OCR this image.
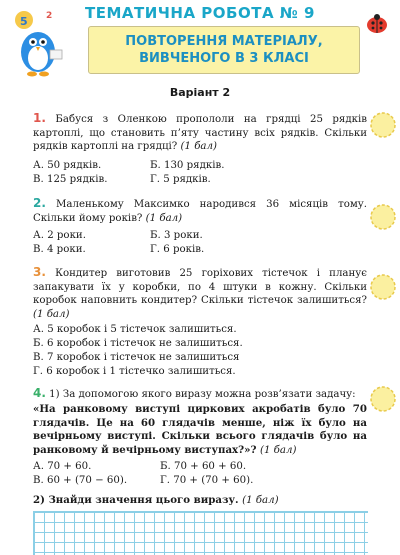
ТЕМАТИЧНА РОБОТА № 9
5 2
ПОВТОРЕННЯ МАТЕРІАЛУ,
ВИВЧЕНОГО В 3 КЛАСІ
Варіант 2
1. Бабуся з Оленкою пропололи на грядці 25 рядків картоплі, що становить п’яту частину всіх рядків. Скільки рядків картоплі на грядці? (1 бал)
А. 50 рядків.	Б. 130 рядків.
В. 125 рядків.	Г. 5 рядків.
2. Маленькому Максимко народився 36 місяців тому. Скільки йому років? (1 бал)
А. 2 роки.	Б. 3 роки.
В. 4 роки.	Г. 6 років.
3. Кондитер виготовив 25 горіхових тістечок і планує запакувати їх у коробки, по 4 штуки в кожну. Скільки коробок наповнить кондитер? Скільки тістечок залишиться? (1 бал)
А. 5 коробок і 5 тістечок залишиться.
Б. 6 коробок і тістечок не залишиться.
В. 7 коробок і тістечок не залишиться
Г. 6 коробок і 1 тістечко залишиться.
4. 1) За допомогою якого виразу можна розв’язати задачу:
«На ранковому виступі циркових акробатів було 70 глядачів. Це на 60 глядачів менше, ніж їх було на вечірньому виступі. Скільки всього глядачів було на ранковому й вечірньому виступах?»? (1 бал)
А. 70 + 60.	Б. 70 + 60 + 60.
В. 60 + (70 − 60).	Г. 70 + (70 + 60).
2) Знайди значення цього виразу. (1 бал)
